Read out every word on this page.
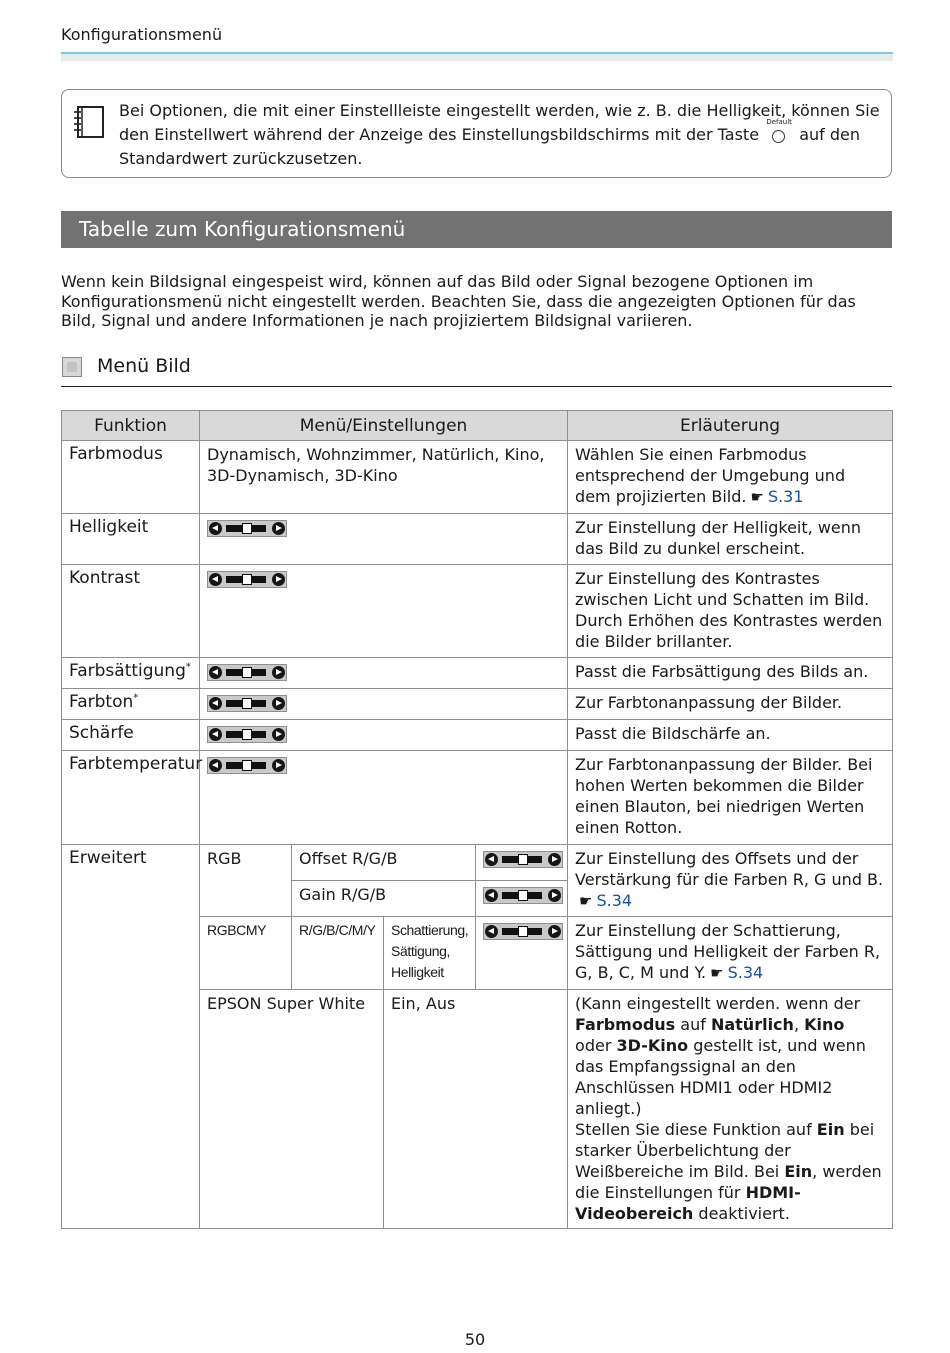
Konfigurationsmenü
Bei Optionen, die mit einer Einstellleiste eingestellt werden, wie z. B. die Helligkeit, können Sie den Einstellwert während der Anzeige des Einstellungsbildschirms mit der Taste
Default
auf den Standardwert zurückzusetzen.
Tabelle zum Konfigurationsmenü
Wenn kein Bildsignal eingespeist wird, können auf das Bild oder Signal bezogene Optionen im Konfigurationsmenü nicht eingestellt werden. Beachten Sie, dass die angezeigten Optionen für das Bild, Signal und andere Informationen je nach projiziertem Bildsignal variieren.
Menü Bild
Funktion	Menü/Einstellungen				Erläuterung
Farbmodus	Dynamisch, Wohnzimmer, Natürlich, Kino, 3D-Dynamisch, 3D-Kino				Wählen Sie einen Farbmodus entsprechend der Umgebung und dem projizierten Bild. ☛ S.31
Helligkeit					Zur Einstellung der Helligkeit, wenn das Bild zu dunkel erscheint.
Kontrast					Zur Einstellung des Kontrastes zwischen Licht und Schatten im Bild. Durch Erhöhen des Kontrastes werden die Bilder brillanter.
Farbsättigung*					Passt die Farbsättigung des Bilds an.
Farbton*					Zur Farbtonanpassung der Bilder.
Schärfe					Passt die Bildschärfe an.
Farbtemperatur					Zur Farbtonanpassung der Bilder. Bei hohen Werten bekommen die Bilder einen Blauton, bei niedrigen Werten einen Rotton.
Erweitert	RGB	Offset R/G/B			Zur Einstellung des Offsets und der Verstärkung für die Farben R, G und B.☛ S.34
		Gain R/G/B			

	RGBCMY	R/G/B/C/M/Y	Schattierung, Sättigung, Helligkeit		Zur Einstellung der Schattierung, Sättigung und Helligkeit der Farben R, G, B, C, M und Y. ☛ S.34
	EPSON Super White		Ein, Aus		(Kann eingestellt werden. wenn der Farbmodus auf Natürlich, Kino oder 3D-Kino gestellt ist, und wenn das Empfangssignal an den Anschlüssen HDMI1 oder HDMI2 anliegt.)
Stellen Sie diese Funktion auf Ein bei starker Überbelichtung der Weißbereiche im Bild. Bei Ein, werden die Einstellungen für HDMI-Videobereich deaktiviert.
50
